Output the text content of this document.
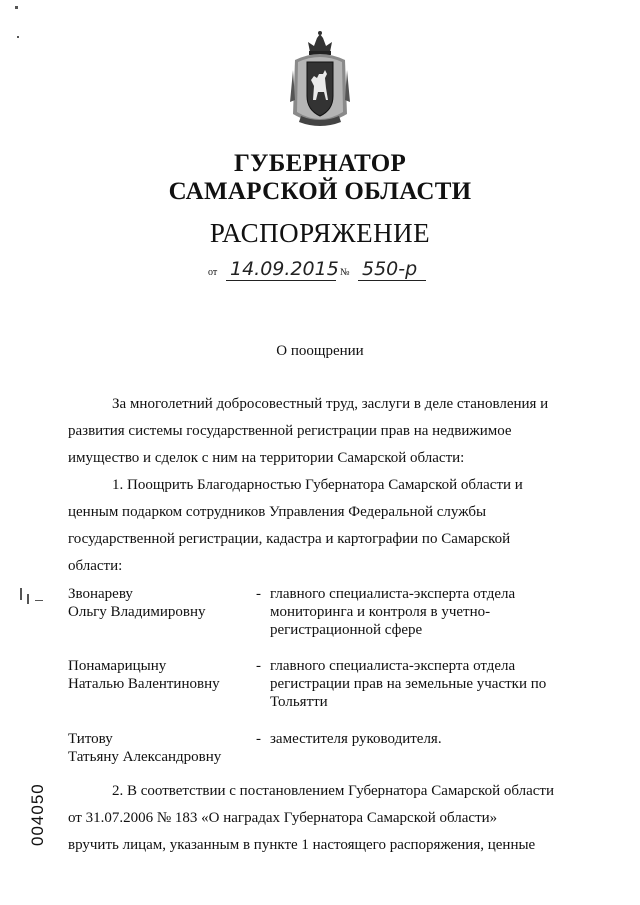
ГУБЕРНАТОР
САМАРСКОЙ ОБЛАСТИ
РАСПОРЯЖЕНИЕ
от 14.09.2015 № 550-р
О поощрении
За многолетний добросовестный труд, заслуги в деле становления и
развития системы государственной регистрации прав на недвижимое
имущество и сделок с ним на территории Самарской области:
1. Поощрить Благодарностью Губернатора Самарской области и
ценным подарком сотрудников Управления Федеральной службы
государственной регистрации, кадастра и картографии по Самарской
области:
Звонареву
Ольгу Владимировну
- главного специалиста-эксперта отдела
мониторинга и контроля в учетно-
регистрационной сфере
Понамарицыну
Наталью Валентиновну
- главного специалиста-эксперта отдела
регистрации прав на земельные участки по
Тольятти
Титову
Татьяну Александровну
- заместителя руководителя.
2. В соответствии с постановлением Губернатора Самарской области
от 31.07.2006 № 183 «О наградах Губернатора Самарской области»
вручить лицам, указанным в пункте 1 настоящего распоряжения, ценные
004050
